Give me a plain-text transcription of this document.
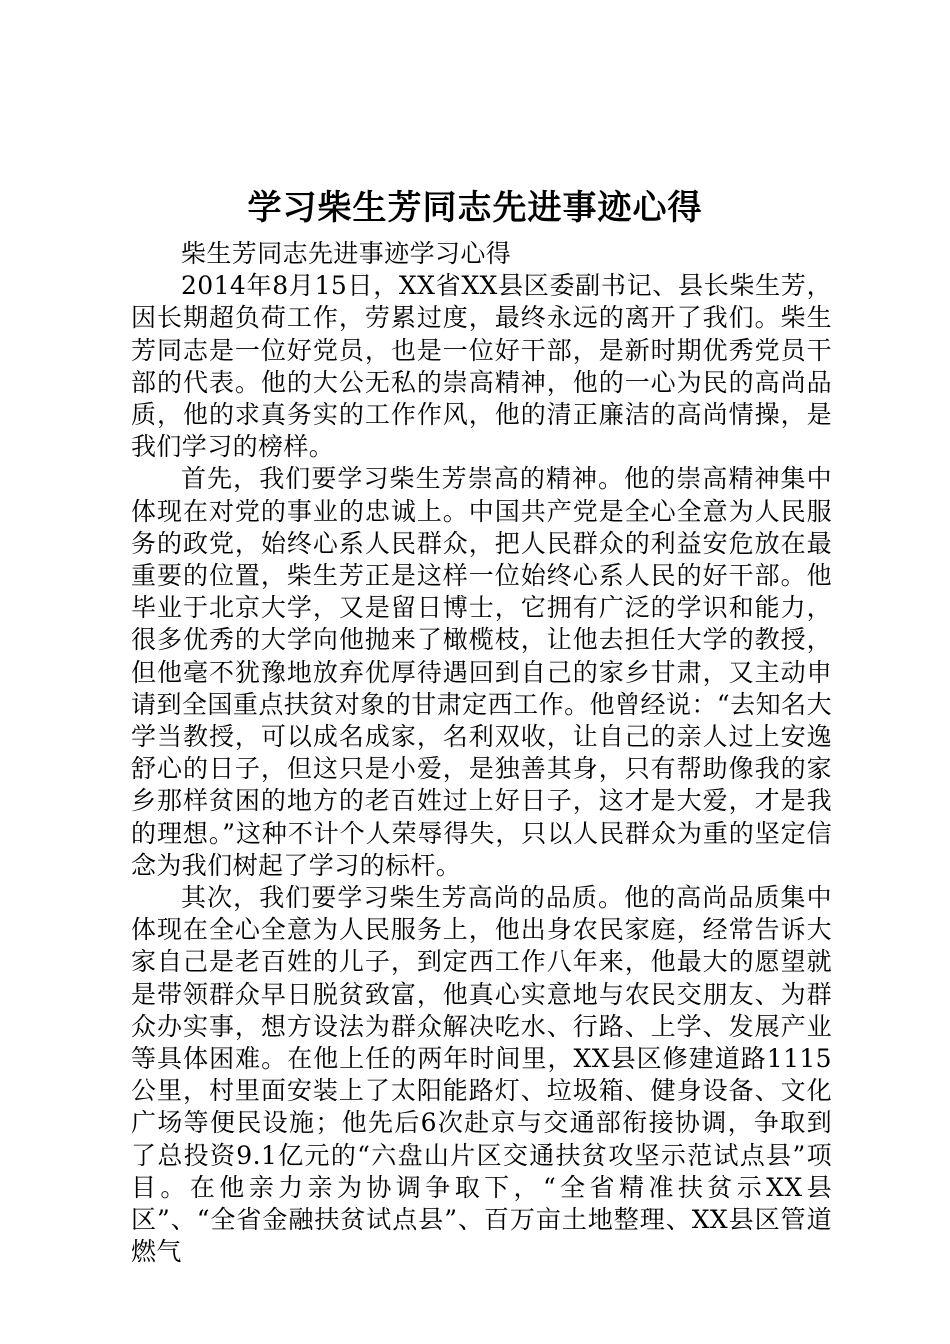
学习柴生芳同志先进事迹心得

柴生芳同志先进事迹学习心得

2014年8月15日，XX省XX县区委副书记、县长柴生芳，因长期超负荷工作，劳累过度，最终永远的离开了我们。柴生芳同志是一位好党员，也是一位好干部，是新时期优秀党员干部的代表。他的大公无私的崇高精神，他的一心为民的高尚品质，他的求真务实的工作作风，他的清正廉洁的高尚情操，是我们学习的榜样。

首先，我们要学习柴生芳崇高的精神。他的崇高精神集中体现在对党的事业的忠诚上。中国共产党是全心全意为人民服务的政党，始终心系人民群众，把人民群众的利益安危放在最重要的位置，柴生芳正是这样一位始终心系人民的好干部。他毕业于北京大学，又是留日博士，它拥有广泛的学识和能力，很多优秀的大学向他抛来了橄榄枝，让他去担任大学的教授，但他毫不犹豫地放弃优厚待遇回到自己的家乡甘肃，又主动申请到全国重点扶贫对象的甘肃定西工作。他曾经说：“去知名大学当教授，可以成名成家，名利双收，让自己的亲人过上安逸舒心的日子，但这只是小爱，是独善其身，只有帮助像我的家乡那样贫困的地方的老百姓过上好日子，这才是大爱，才是我的理想。”这种不计个人荣辱得失，只以人民群众为重的坚定信念为我们树起了学习的标杆。

其次，我们要学习柴生芳高尚的品质。他的高尚品质集中体现在全心全意为人民服务上，他出身农民家庭，经常告诉大家自己是老百姓的儿子，到定西工作八年来，他最大的愿望就是带领群众早日脱贫致富，他真心实意地与农民交朋友、为群众办实事，想方设法为群众解决吃水、行路、上学、发展产业等具体困难。在他上任的两年时间里，XX县区修建道路1115公里，村里面安装上了太阳能路灯、垃圾箱、健身设备、文化广场等便民设施；他先后6次赴京与交通部衔接协调，争取到了总投资9.1亿元的“六盘山片区交通扶贫攻坚示范试点县”项目。在他亲力亲为协调争取下，“全省精准扶贫示XX县区”、“全省金融扶贫试点县”、百万亩土地整理、XX县区管道燃气
